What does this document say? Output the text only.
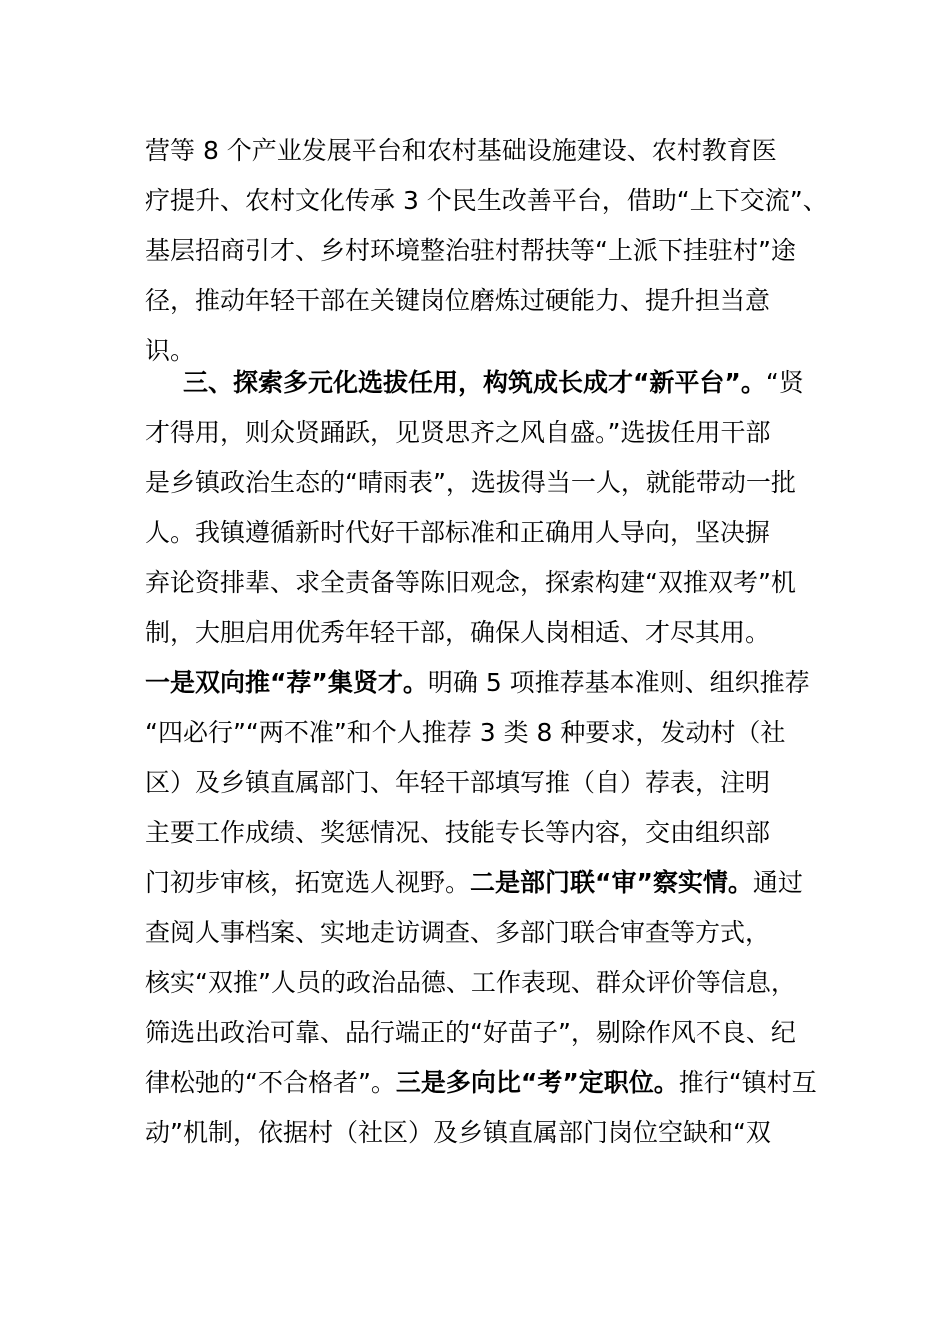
营等 8 个产业发展平台和农村基础设施建设、农村教育医
疗提升、农村文化传承 3 个民生改善平台，借助“上下交流”、
基层招商引才、乡村环境整治驻村帮扶等“上派下挂驻村”途
径，推动年轻干部在关键岗位磨炼过硬能力、提升担当意
识。
三、探索多元化选拔任用，构筑成长成才“新平台”。“贤
才得用，则众贤踊跃，见贤思齐之风自盛。”选拔任用干部
是乡镇政治生态的“晴雨表”，选拔得当一人，就能带动一批
人。我镇遵循新时代好干部标准和正确用人导向，坚决摒
弃论资排辈、求全责备等陈旧观念，探索构建“双推双考”机
制，大胆启用优秀年轻干部，确保人岗相适、才尽其用。
一是双向推“荐”集贤才。明确 5 项推荐基本准则、组织推荐
“四必行”“两不准”和个人推荐 3 类 8 种要求，发动村（社
区）及乡镇直属部门、年轻干部填写推（自）荐表，注明
主要工作成绩、奖惩情况、技能专长等内容，交由组织部
门初步审核，拓宽选人视野。二是部门联“审”察实情。通过
查阅人事档案、实地走访调查、多部门联合审查等方式，
核实“双推”人员的政治品德、工作表现、群众评价等信息，
筛选出政治可靠、品行端正的“好苗子”，剔除作风不良、纪
律松弛的“不合格者”。三是多向比“考”定职位。推行“镇村互
动”机制，依据村（社区）及乡镇直属部门岗位空缺和“双
